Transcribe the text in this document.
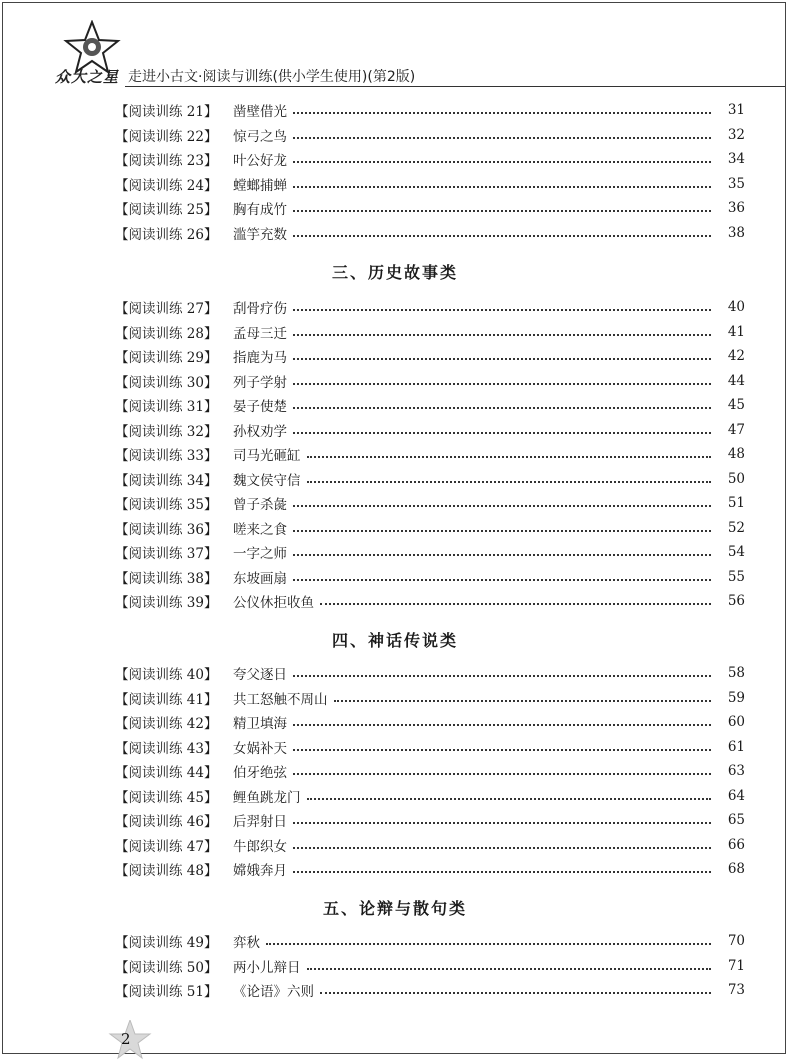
众大之星 走进小古文·阅读与训练(供小学生使用)(第2版)
【阅读训练 21】	凿壁借光	31
【阅读训练 22】	惊弓之鸟	32
【阅读训练 23】	叶公好龙	34
【阅读训练 24】	螳螂捕蝉	35
【阅读训练 25】	胸有成竹	36
【阅读训练 26】	滥竽充数	38
三、历史故事类
【阅读训练 27】	刮骨疗伤	40
【阅读训练 28】	孟母三迁	41
【阅读训练 29】	指鹿为马	42
【阅读训练 30】	列子学射	44
【阅读训练 31】	晏子使楚	45
【阅读训练 32】	孙权劝学	47
【阅读训练 33】	司马光砸缸	48
【阅读训练 34】	魏文侯守信	50
【阅读训练 35】	曾子杀彘	51
【阅读训练 36】	嗟来之食	52
【阅读训练 37】	一字之师	54
【阅读训练 38】	东坡画扇	55
【阅读训练 39】	公仪休拒收鱼	56
四、神话传说类
【阅读训练 40】	夸父逐日	58
【阅读训练 41】	共工怒触不周山	59
【阅读训练 42】	精卫填海	60
【阅读训练 43】	女娲补天	61
【阅读训练 44】	伯牙绝弦	63
【阅读训练 45】	鲤鱼跳龙门	64
【阅读训练 46】	后羿射日	65
【阅读训练 47】	牛郎织女	66
【阅读训练 48】	嫦娥奔月	68
五、论辩与散句类
【阅读训练 49】	弈秋	70
【阅读训练 50】	两小儿辩日	71
【阅读训练 51】	《论语》六则	73
2
